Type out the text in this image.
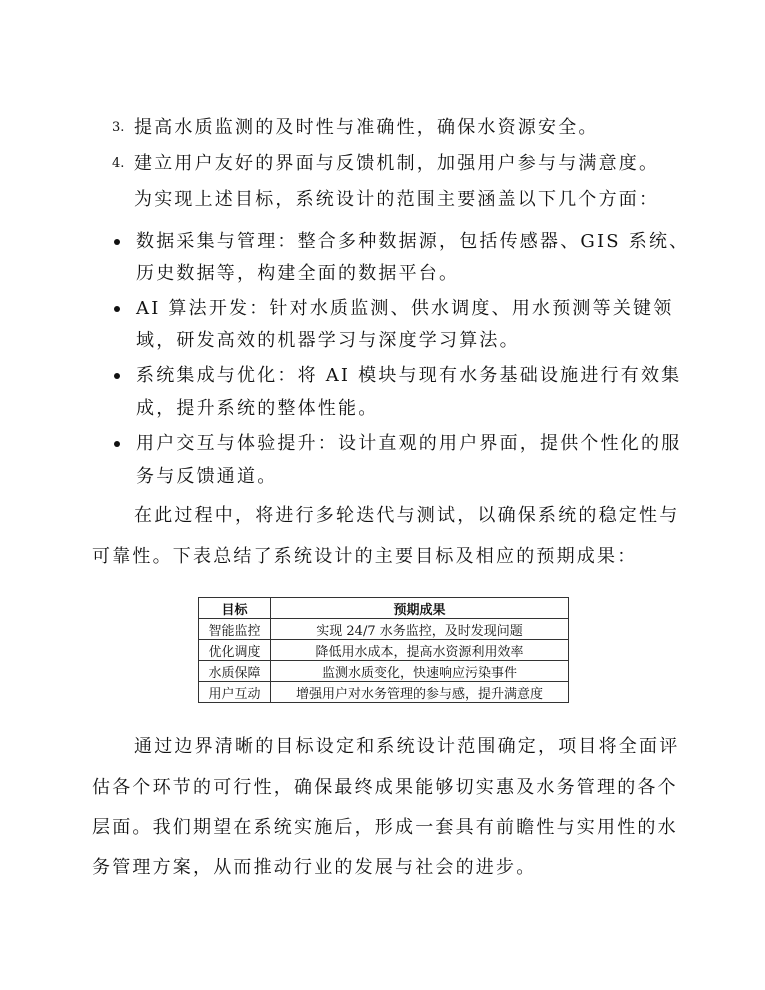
3. 提高水质监测的及时性与准确性，确保水资源安全。
4. 建立用户友好的界面与反馈机制，加强用户参与与满意度。
为实现上述目标，系统设计的范围主要涵盖以下几个方面：
数据采集与管理：整合多种数据源，包括传感器、GIS 系统、
历史数据等，构建全面的数据平台。
AI 算法开发：针对水质监测、供水调度、用水预测等关键领
域，研发高效的机器学习与深度学习算法。
系统集成与优化：将 AI 模块与现有水务基础设施进行有效集
成，提升系统的整体性能。
用户交互与体验提升：设计直观的用户界面，提供个性化的服
务与反馈通道。
在此过程中，将进行多轮迭代与测试，以确保系统的稳定性与
可靠性。下表总结了系统设计的主要目标及相应的预期成果：
目标	预期成果
智能监控	实现 24/7 水务监控，及时发现问题
优化调度	降低用水成本，提高水资源利用效率
水质保障	监测水质变化，快速响应污染事件
用户互动	增强用户对水务管理的参与感，提升满意度
通过边界清晰的目标设定和系统设计范围确定，项目将全面评
估各个环节的可行性，确保最终成果能够切实惠及水务管理的各个
层面。我们期望在系统实施后，形成一套具有前瞻性与实用性的水
务管理方案，从而推动行业的发展与社会的进步。
